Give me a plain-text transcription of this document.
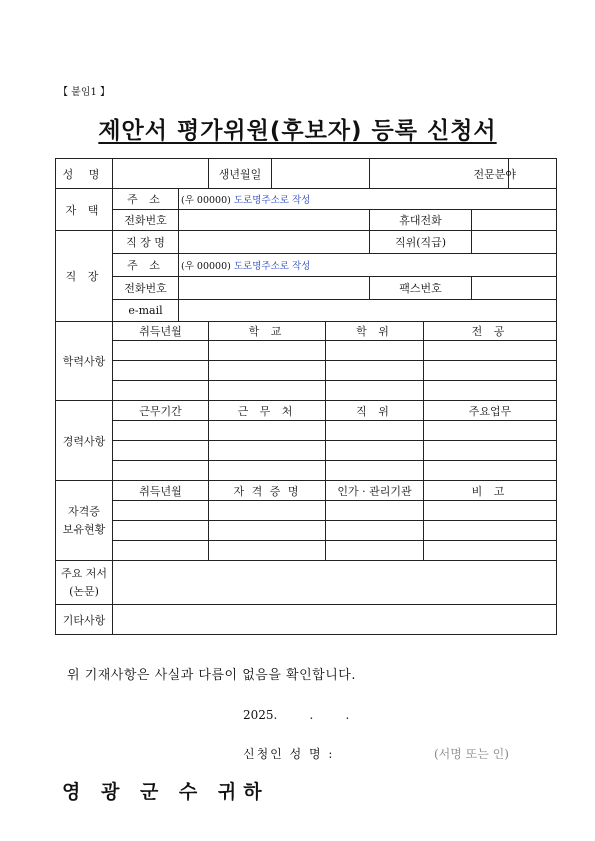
【 붙임1 】
제안서 평가위원(후보자) 등록 신청서
성 명			생년월일					전문분야	
자 택	주 소	(우 00000) 도로명주소로 작성							
	전화번호					휴대전화			
직 장	직 장 명					직위(직급)			
	주 소	(우 00000) 도로명주소로 작성							
	전화번호					팩스번호			
	e-mail								
학력사항	취득년월		학 교		학 위		전 공		

경력사항	근무기간		근 무 처		직 위		주요업무		

자격증
보유현황	취득년월		자 격 증 명		인가 · 관리기관		비 고		

주요 저서
(논문)									
기타사항									
위 기재사항은 사실과 다름이 없음을 확인합니다.
2025.	.	.
신청인 성 명 :	(서명 또는 인)
영 광 군 수 귀하
